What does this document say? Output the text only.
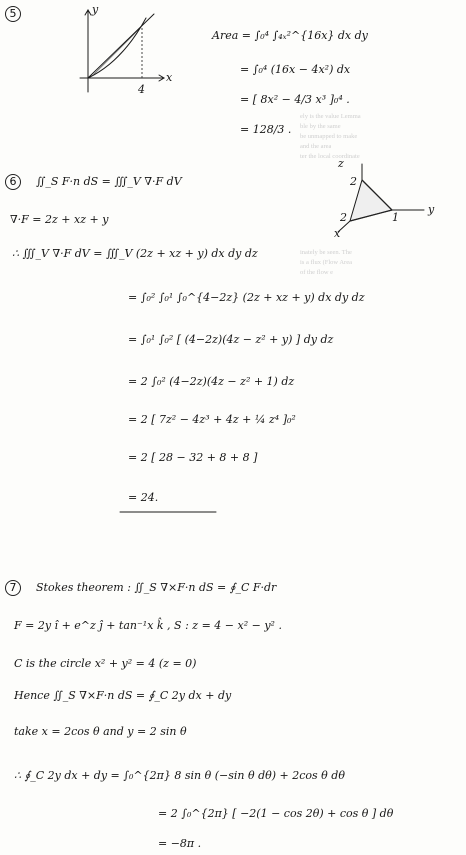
ely is the value Lemma
ble by the same
be unmapped to make
and the area
ter the local coordinate
inately be seen. The
is a flux (Flow Area
of the flow e
5	y
x
4
Area = ∫₀⁴ ∫₄ₓ²^{16x} dx dy
= ∫₀⁴ (16x − 4x²) dx
= [ 8x² − 4/3 x³ ]₀⁴ .
= 128/3 .
6	∬_S F·n dS = ∭_V ∇·F dV
z
y
x
2
1
2
∇·F = 2z + xz + y
∴ ∭_V ∇·F dV = ∭_V (2z + xz + y) dx dy dz
= ∫₀² ∫₀¹ ∫₀^{4−2z} (2z + xz + y) dx dy dz
= ∫₀¹ ∫₀² [ (4−2z)(4z − z² + y) ] dy dz
= 2 ∫₀² (4−2z)(4z − z² + 1) dz
= 2 [ 7z² − 4z³ + 4z + ¼ z⁴ ]₀²
= 2 [ 28 − 32 + 8 + 8 ]
= 24.
7	Stokes theorem : ∬_S ∇×F·n dS = ∮_C F·dr
F = 2y î + e^z ĵ + tan⁻¹x k̂ , S : z = 4 − x² − y² .
C is the circle x² + y² = 4 (z = 0)
Hence ∬_S ∇×F·n dS = ∮_C 2y dx + dy
take x = 2cos θ and y = 2 sin θ
∴ ∮_C 2y dx + dy = ∫₀^{2π} 8 sin θ (−sin θ dθ) + 2cos θ dθ
= 2 ∫₀^{2π} [ −2(1 − cos 2θ) + cos θ ] dθ
= −8π .
